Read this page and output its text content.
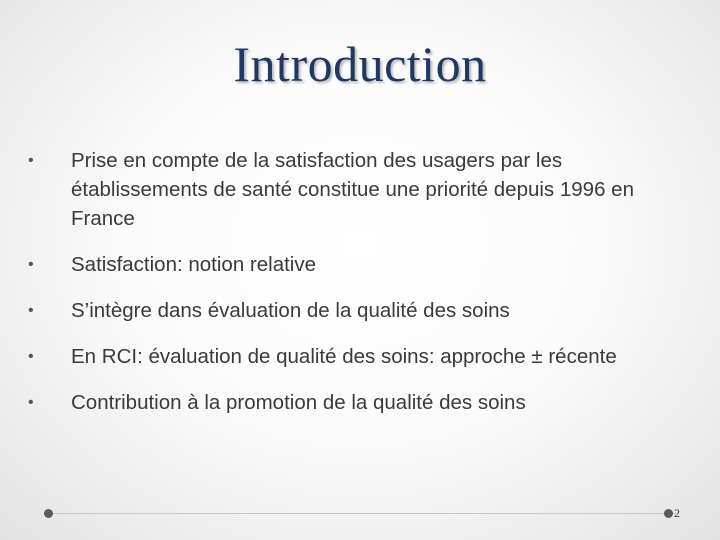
Introduction
•	Prise en compte de la satisfaction des usagers par les établissements de santé constitue une priorité depuis 1996 en France
•	Satisfaction: notion relative
•	S’intègre dans évaluation de la qualité des soins
•	En RCI: évaluation de qualité des soins: approche ± récente
•	Contribution à la promotion de la qualité des soins
2
